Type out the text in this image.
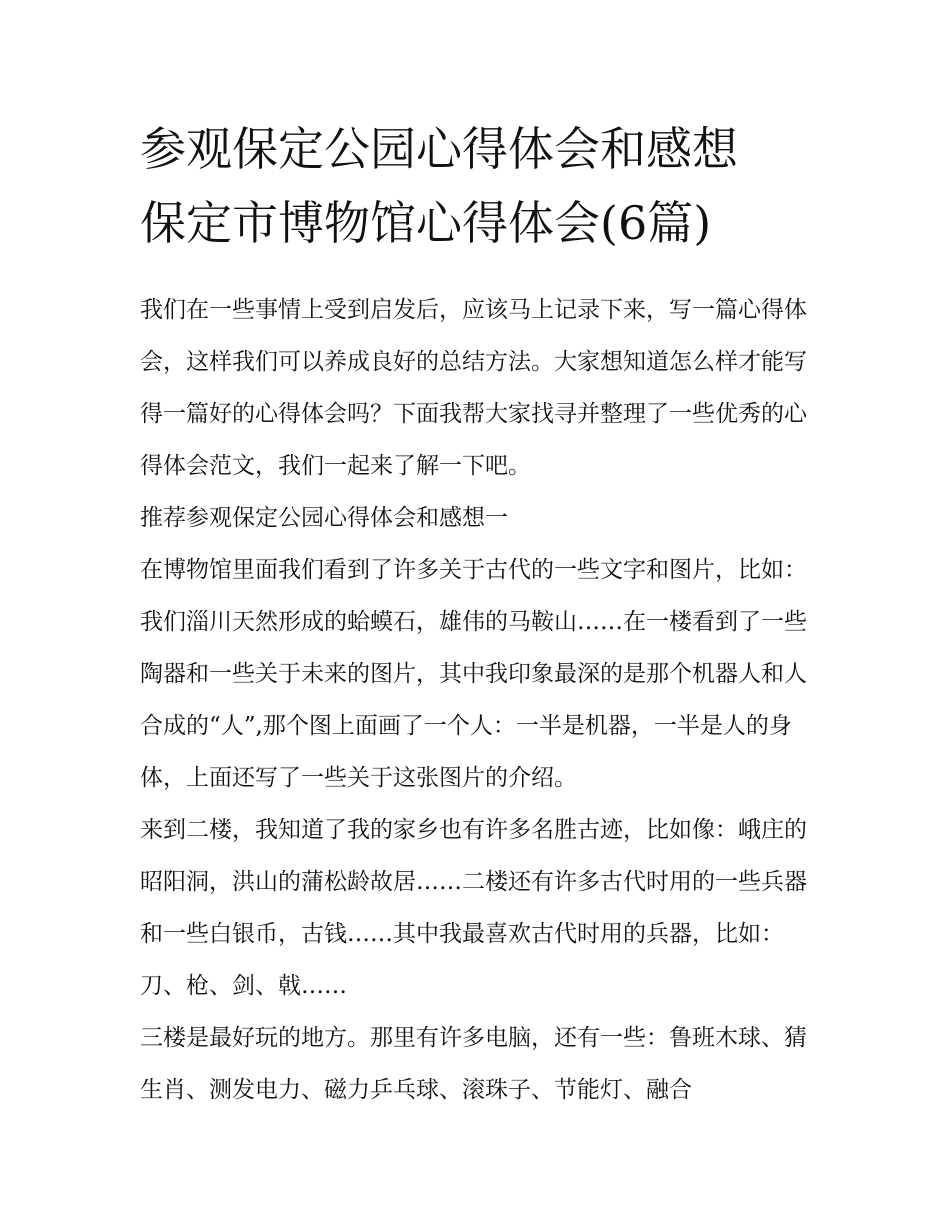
参观保定公园心得体会和感想
保定市博物馆心得体会(6篇)

我们在一些事情上受到启发后，应该马上记录下来，写一篇心得体会，这样我们可以养成良好的总结方法。大家想知道怎么样才能写得一篇好的心得体会吗？下面我帮大家找寻并整理了一些优秀的心得体会范文，我们一起来了解一下吧。

推荐参观保定公园心得体会和感想一

在博物馆里面我们看到了许多关于古代的一些文字和图片，比如：我们淄川天然形成的蛤蟆石，雄伟的马鞍山……在一楼看到了一些陶器和一些关于未来的图片，其中我印象最深的是那个机器人和人合成的“人”,那个图上面画了一个人：一半是机器，一半是人的身体，上面还写了一些关于这张图片的介绍。

来到二楼，我知道了我的家乡也有许多名胜古迹，比如像：峨庄的昭阳洞，洪山的蒲松龄故居……二楼还有许多古代时用的一些兵器和一些白银币，古钱……其中我最喜欢古代时用的兵器，比如：刀、枪、剑、戟……

三楼是最好玩的地方。那里有许多电脑，还有一些：鲁班木球、猜生肖、测发电力、磁力乒乓球、滚珠子、节能灯、融合
